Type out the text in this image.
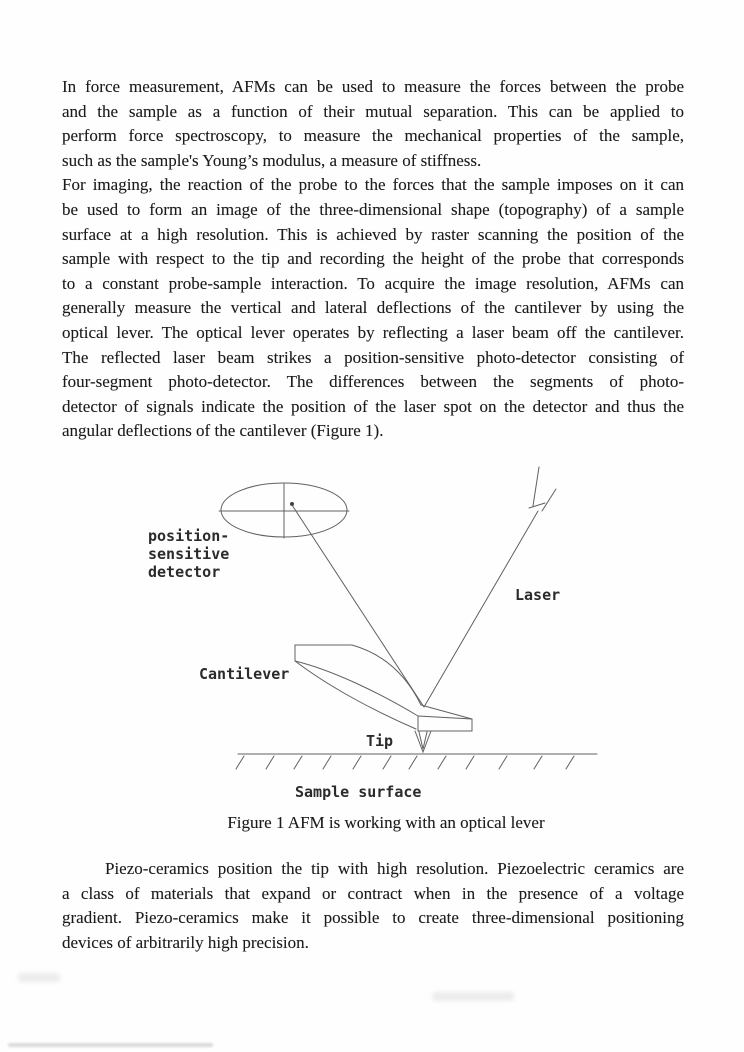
In force measurement, AFMs can be used to measure the forces between the probe
and the sample as a function of their mutual separation. This can be applied to
perform force spectroscopy, to measure the mechanical properties of the sample,
such as the sample's Young’s modulus, a measure of stiffness.
For imaging, the reaction of the probe to the forces that the sample imposes on it can
be used to form an image of the three-dimensional shape (topography) of a sample
surface at a high resolution. This is achieved by raster scanning the position of the
sample with respect to the tip and recording the height of the probe that corresponds
to a constant probe-sample interaction. To acquire the image resolution, AFMs can
generally measure the vertical and lateral deflections of the cantilever by using the
optical lever. The optical lever operates by reflecting a laser beam off the cantilever.
The reflected laser beam strikes a position-sensitive photo-detector consisting of
four-segment photo-detector. The differences between the segments of photo-
detector of signals indicate the position of the laser spot on the detector and thus the
angular deflections of the cantilever (Figure 1).
position-
sensitive
detector
Laser
Cantilever
Tip
Sample surface
Figure 1 AFM is working with an optical lever
Piezo-ceramics position the tip with high resolution. Piezoelectric ceramics are
a class of materials that expand or contract when in the presence of a voltage
gradient. Piezo-ceramics make it possible to create three-dimensional positioning
devices of arbitrarily high precision.
